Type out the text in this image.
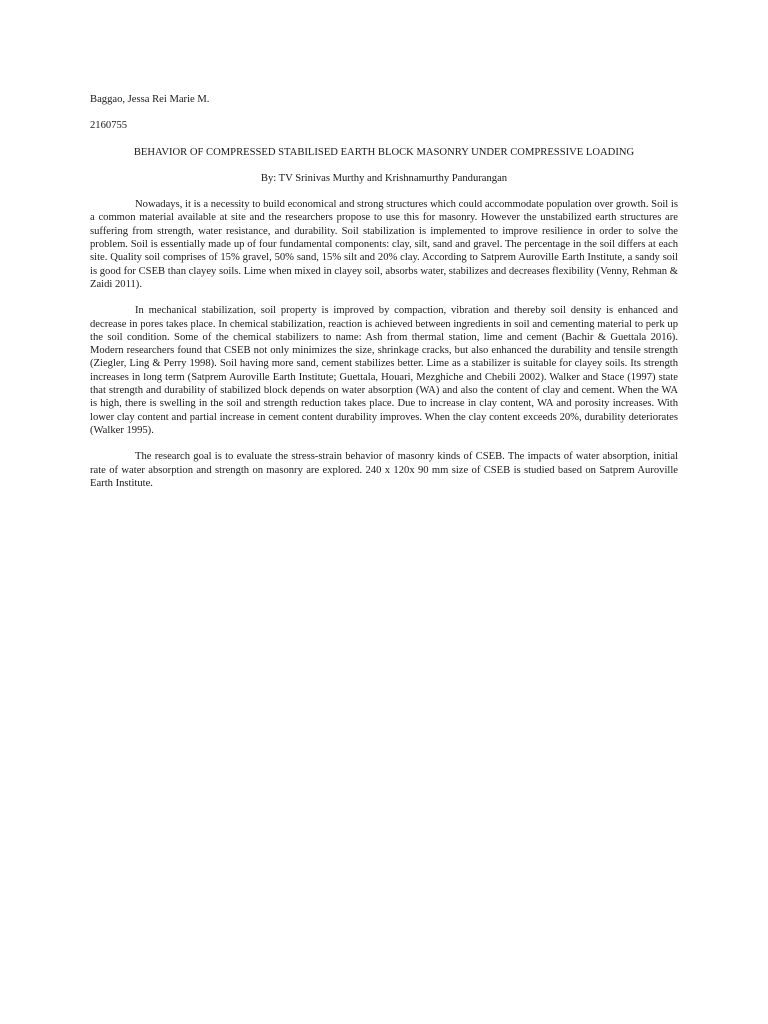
Baggao, Jessa Rei Marie M.

2160755

BEHAVIOR OF COMPRESSED STABILISED EARTH BLOCK MASONRY UNDER COMPRESSIVE LOADING

By: TV Srinivas Murthy and Krishnamurthy Pandurangan

Nowadays, it is a necessity to build economical and strong structures which could accommodate population over growth. Soil is a common material available at site and the researchers propose to use this for masonry. However the unstabilized earth structures are suffering from strength, water resistance, and durability. Soil stabilization is implemented to improve resilience in order to solve the problem. Soil is essentially made up of four fundamental components: clay, silt, sand and gravel. The percentage in the soil differs at each site. Quality soil comprises of 15% gravel, 50% sand, 15% silt and 20% clay. According to Satprem Auroville Earth Institute, a sandy soil is good for CSEB than clayey soils. Lime when mixed in clayey soil, absorbs water, stabilizes and decreases flexibility (Venny, Rehman & Zaidi 2011).

In mechanical stabilization, soil property is improved by compaction, vibration and thereby soil density is enhanced and decrease in pores takes place. In chemical stabilization, reaction is achieved between ingredients in soil and cementing material to perk up the soil condition. Some of the chemical stabilizers to name: Ash from thermal station, lime and cement (Bachir & Guettala 2016). Modern researchers found that CSEB not only minimizes the size, shrinkage cracks, but also enhanced the durability and tensile strength (Ziegler, Ling & Perry 1998). Soil having more sand, cement stabilizes better. Lime as a stabilizer is suitable for clayey soils. Its strength increases in long term (Satprem Auroville Earth Institute; Guettala, Houari, Mezghiche and Chebili 2002). Walker and Stace (1997) state that strength and durability of stabilized block depends on water absorption (WA) and also the content of clay and cement. When the WA is high, there is swelling in the soil and strength reduction takes place. Due to increase in clay content, WA and porosity increases. With lower clay content and partial increase in cement content durability improves. When the clay content exceeds 20%, durability deteriorates (Walker 1995).

The research goal is to evaluate the stress-strain behavior of masonry kinds of CSEB. The impacts of water absorption, initial rate of water absorption and strength on masonry are explored. 240 x 120x 90 mm size of CSEB is studied based on Satprem Auroville Earth Institute.
